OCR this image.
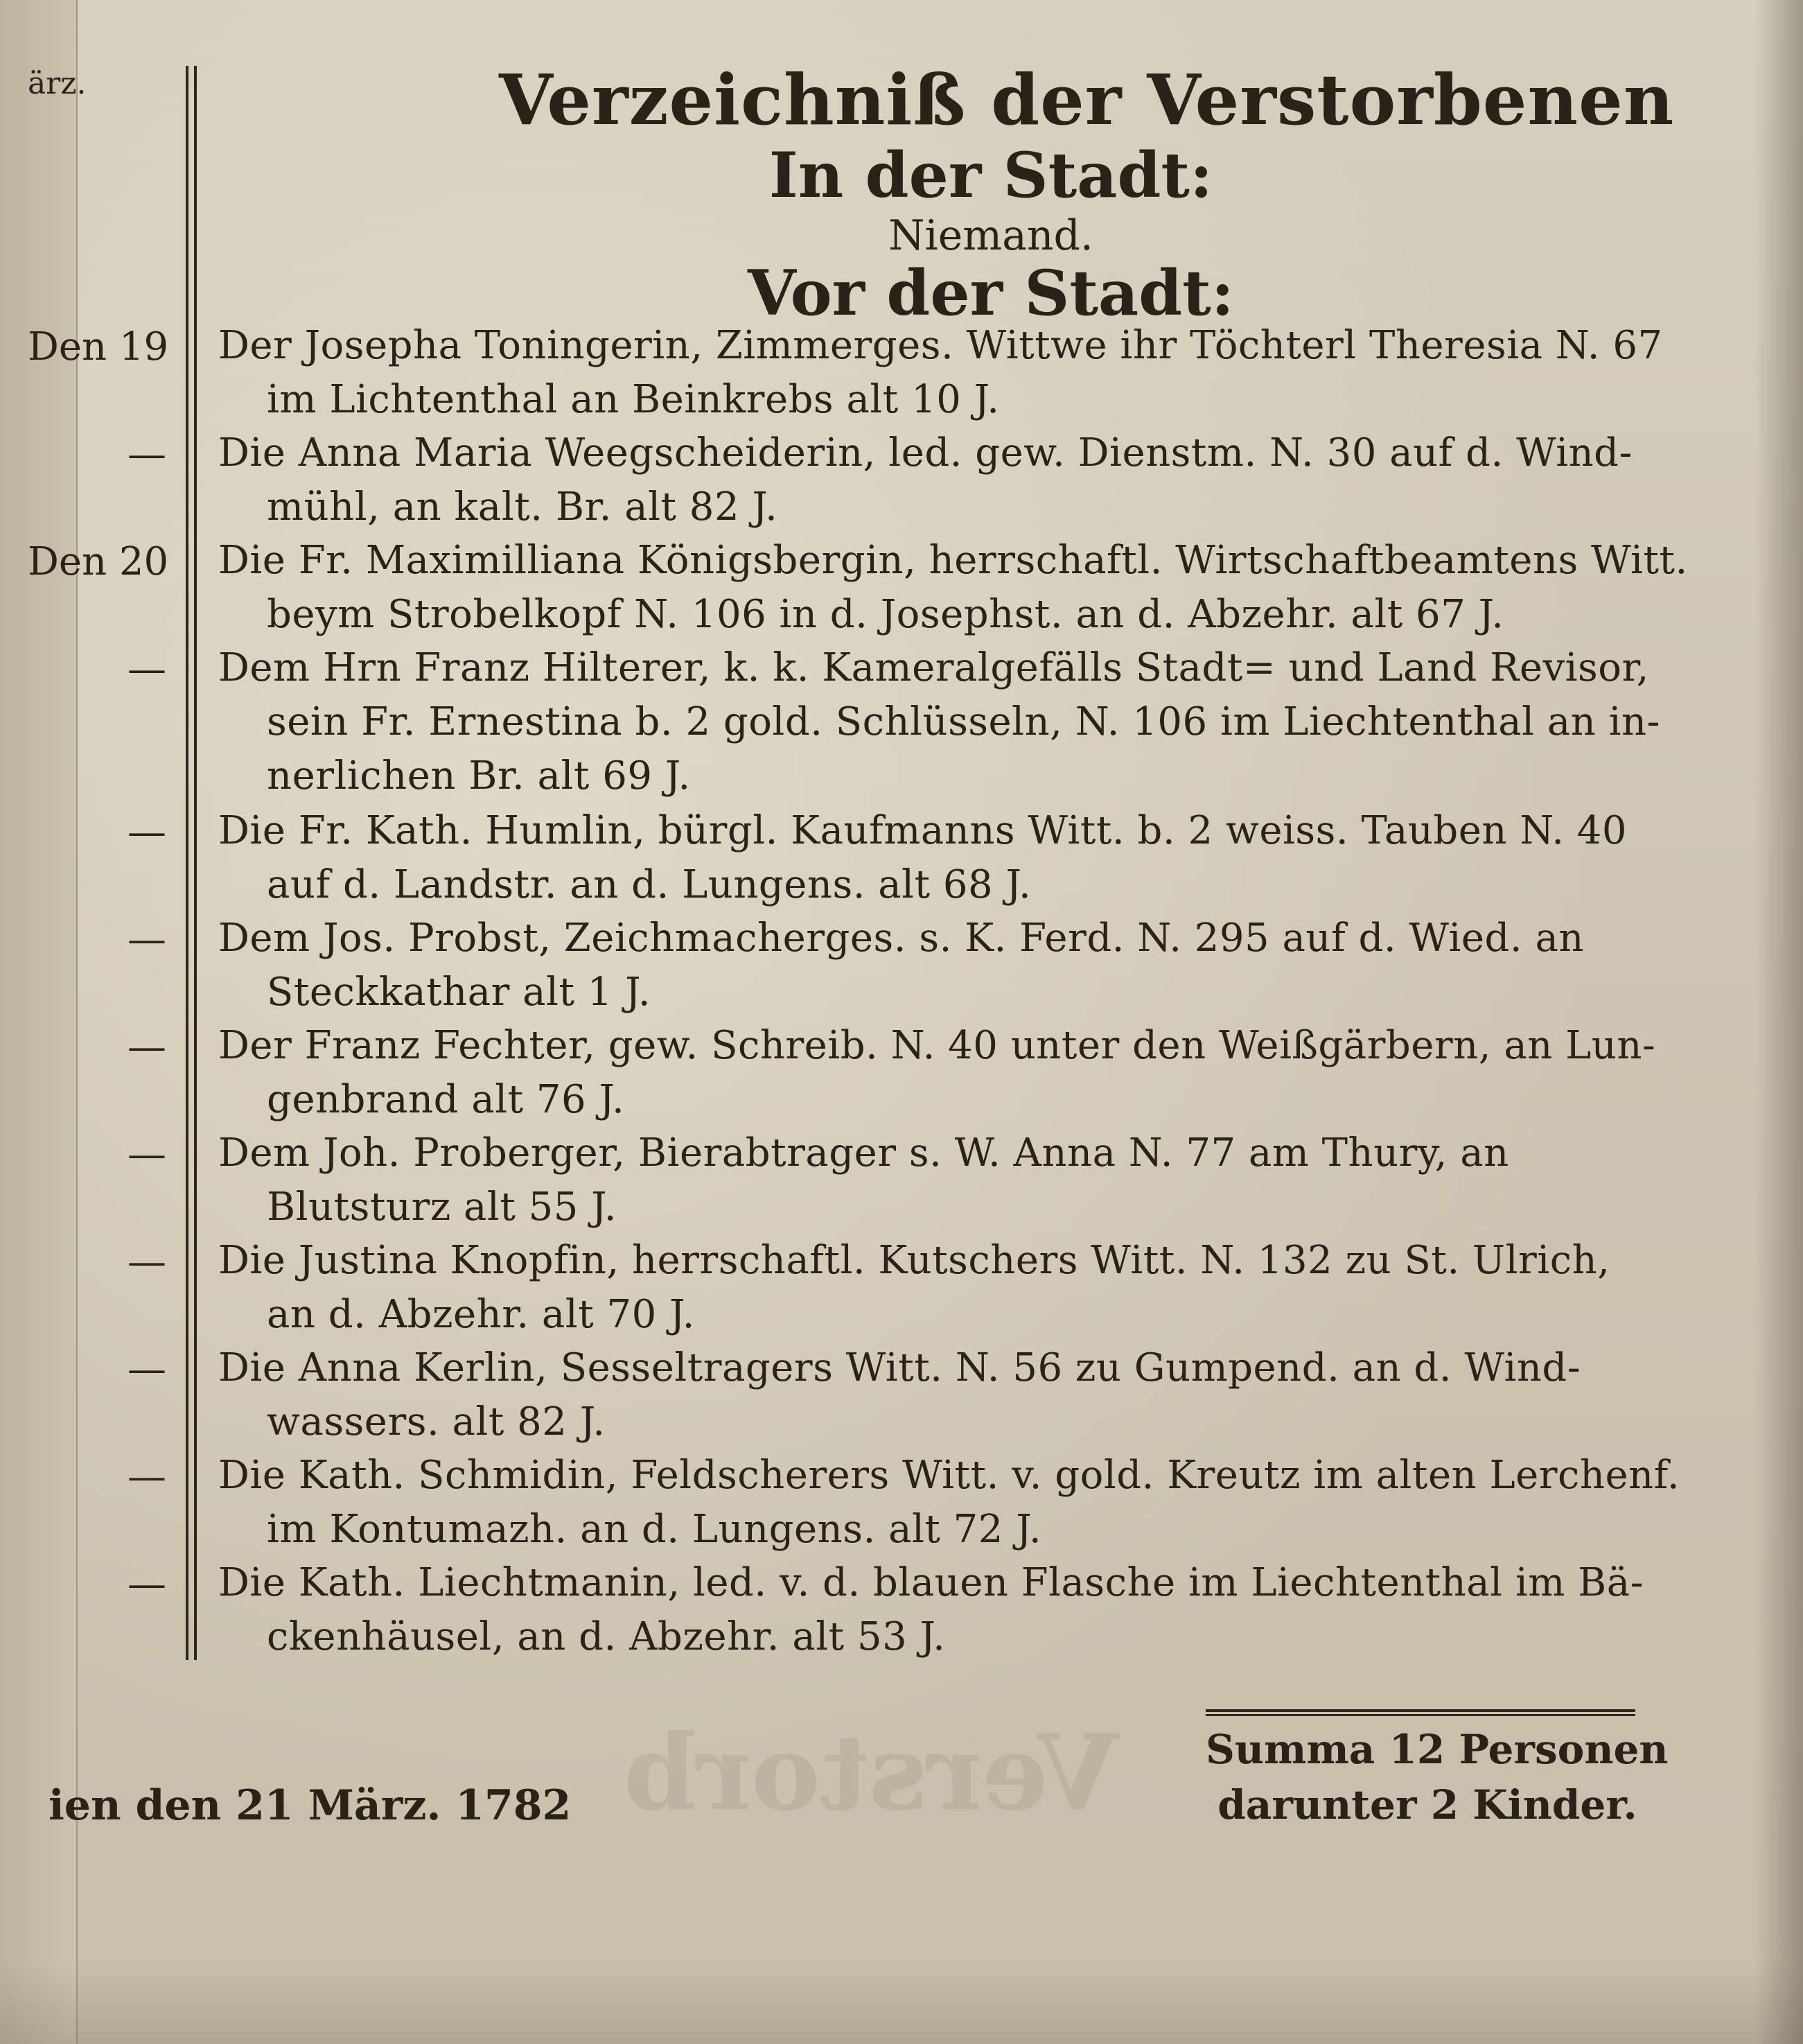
Verstorb
ärz.	Verzeichniß der Verstorbenen
In der Stadt:
Niemand.
Vor der Stadt:
Den 19 Der Josepha Toningerin, Zimmerges. Wittwe ihr Töchterl Theresia N. 67
im Lichtenthal an Beinkrebs alt 10 J.
— Die Anna Maria Weegscheiderin, led. gew. Dienstm. N. 30 auf d. Wind-
mühl, an kalt. Br. alt 82 J.
Den 20 Die Fr. Maximilliana Königsbergin, herrschaftl. Wirtschaftbeamtens Witt.
beym Strobelkopf N. 106 in d. Josephst. an d. Abzehr. alt 67 J.
— Dem Hrn Franz Hilterer, k. k. Kameralgefälls Stadt= und Land Revisor,
sein Fr. Ernestina b. 2 gold. Schlüsseln, N. 106 im Liechtenthal an in-
nerlichen Br. alt 69 J.
— Die Fr. Kath. Humlin, bürgl. Kaufmanns Witt. b. 2 weiss. Tauben N. 40
auf d. Landstr. an d. Lungens. alt 68 J.
— Dem Jos. Probst, Zeichmacherges. s. K. Ferd. N. 295 auf d. Wied. an
Steckkathar alt 1 J.
— Der Franz Fechter, gew. Schreib. N. 40 unter den Weißgärbern, an Lun-
genbrand alt 76 J.
— Dem Joh. Proberger, Bierabtrager s. W. Anna N. 77 am Thury, an
Blutsturz alt 55 J.
— Die Justina Knopfin, herrschaftl. Kutschers Witt. N. 132 zu St. Ulrich,
an d. Abzehr. alt 70 J.
— Die Anna Kerlin, Sesseltragers Witt. N. 56 zu Gumpend. an d. Wind-
wassers. alt 82 J.
— Die Kath. Schmidin, Feldscherers Witt. v. gold. Kreutz im alten Lerchenf.
im Kontumazh. an d. Lungens. alt 72 J.
— Die Kath. Liechtmanin, led. v. d. blauen Flasche im Liechtenthal im Bä-
ckenhäusel, an d. Abzehr. alt 53 J.
Summa 12 Personen
darunter 2 Kinder.
ien den 21 März. 1782
